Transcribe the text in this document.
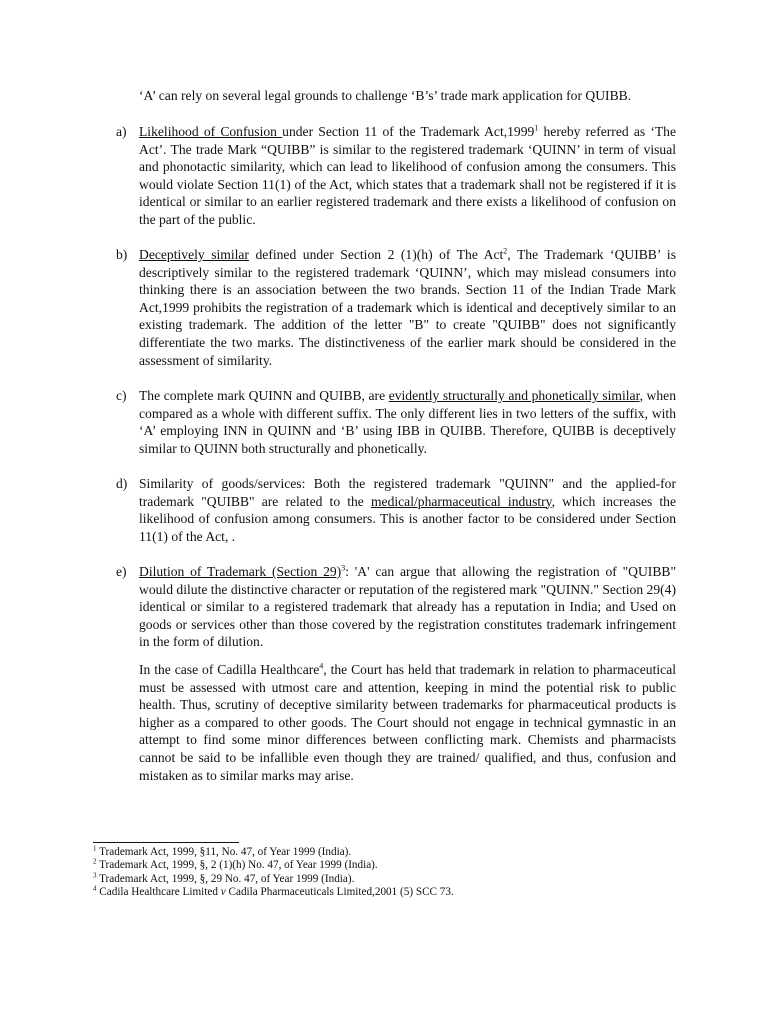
‘A’ can rely on several legal grounds to challenge ‘B’s’ trade mark application for QUIBB.

a) Likelihood of Confusion under Section 11 of the Trademark Act,1999$^1$ hereby referred as ‘The Act’. The trade Mark “QUIBB” is similar to the registered trademark ‘QUINN’ in term of visual and phonotactic similarity, which can lead to likelihood of confusion among the consumers. This would violate Section 11(1) of the Act, which states that a trademark shall not be registered if it is identical or similar to an earlier registered trademark and there exists a likelihood of confusion on the part of the public.

b) Deceptively similar defined under Section 2 (1)(h) of The Act$^2$, The Trademark ‘QUIBB’ is descriptively similar to the registered trademark ‘QUINN’, which may mislead consumers into thinking there is an association between the two brands. Section 11 of the Indian Trade Mark Act,1999 prohibits the registration of a trademark which is identical and deceptively similar to an existing trademark. The addition of the letter "B" to create "QUIBB" does not significantly differentiate the two marks. The distinctiveness of the earlier mark should be considered in the assessment of similarity.

c) The complete mark QUINN and QUIBB, are evidently structurally and phonetically similar, when compared as a whole with different suffix. The only different lies in two letters of the suffix, with ‘A’ employing INN in QUINN and ‘B’ using IBB in QUIBB. Therefore, QUIBB is deceptively similar to QUINN both structurally and phonetically.

d) Similarity of goods/services: Both the registered trademark "QUINN" and the applied-for trademark "QUIBB" are related to the medical/pharmaceutical industry, which increases the likelihood of confusion among consumers. This is another factor to be considered under Section 11(1) of the Act, .

e) Dilution of Trademark (Section 29)$^3$: 'A' can argue that allowing the registration of "QUIBB" would dilute the distinctive character or reputation of the registered mark "QUINN." Section 29(4) identical or similar to a registered trademark that already has a reputation in India; and Used on goods or services other than those covered by the registration constitutes trademark infringement in the form of dilution.

In the case of Cadilla Healthcare$^4$, the Court has held that trademark in relation to pharmaceutical must be assessed with utmost care and attention, keeping in mind the potential risk to public health. Thus, scrutiny of deceptive similarity between trademarks for pharmaceutical products is higher as a compared to other goods. The Court should not engage in technical gymnastic in an attempt to find some minor differences between conflicting mark. Chemists and pharmacists cannot be said to be infallible even though they are trained/ qualified, and thus, confusion and mistaken as to similar marks may arise.

$^1$ Trademark Act, 1999, §11, No. 47, of Year 1999 (India).

$^2$ Trademark Act, 1999, §, 2 (1)(h) No. 47, of Year 1999 (India).

$^3$ Trademark Act, 1999, §, 29 No. 47, of Year 1999 (India).

$^4$ Cadila Healthcare Limited v Cadila Pharmaceuticals Limited,2001 (5) SCC 73.
